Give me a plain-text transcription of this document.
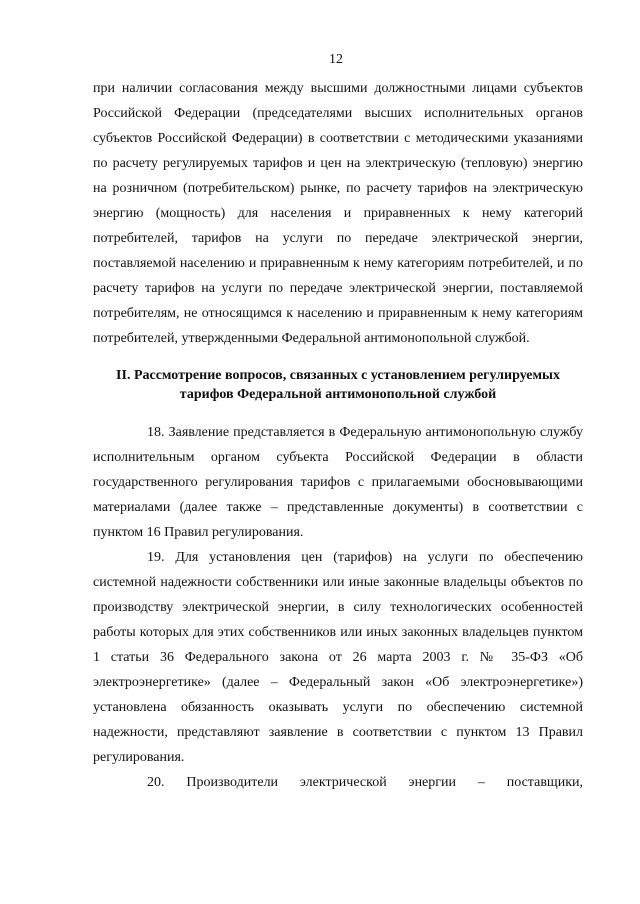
12

при наличии согласования между высшими должностными лицами субъектов Российской Федерации (председателями высших исполнительных органов субъектов Российской Федерации) в соответствии с методическими указаниями по расчету регулируемых тарифов и цен на электрическую (тепловую) энергию на розничном (потребительском) рынке, по расчету тарифов на электрическую энергию (мощность) для населения и приравненных к нему категорий потребителей, тарифов на услуги по передаче электрической энергии, поставляемой населению и приравненным к нему категориям потребителей, и по расчету тарифов на услуги по передаче электрической энергии, поставляемой потребителям, не относящимся к населению и приравненным к нему категориям потребителей, утвержденными Федеральной антимонопольной службой.

II. Рассмотрение вопросов, связанных с установлением регулируемых
тарифов Федеральной антимонопольной службой

18. Заявление представляется в Федеральную антимонопольную службу исполнительным органом субъекта Российской Федерации в области государственного регулирования тарифов с прилагаемыми обосновывающими материалами (далее также – представленные документы) в соответствии с пунктом 16 Правил регулирования.

19. Для установления цен (тарифов) на услуги по обеспечению системной надежности собственники или иные законные владельцы объектов по производству электрической энергии, в силу технологических особенностей работы которых для этих собственников или иных законных владельцев пунктом 1 статьи 36 Федерального закона от 26 марта 2003 г. № 35-ФЗ «Об электроэнергетике» (далее – Федеральный закон «Об электроэнергетике») установлена обязанность оказывать услуги по обеспечению системной надежности, представляют заявление в соответствии с пунктом 13 Правил регулирования.

20. Производители электрической энергии – поставщики,
